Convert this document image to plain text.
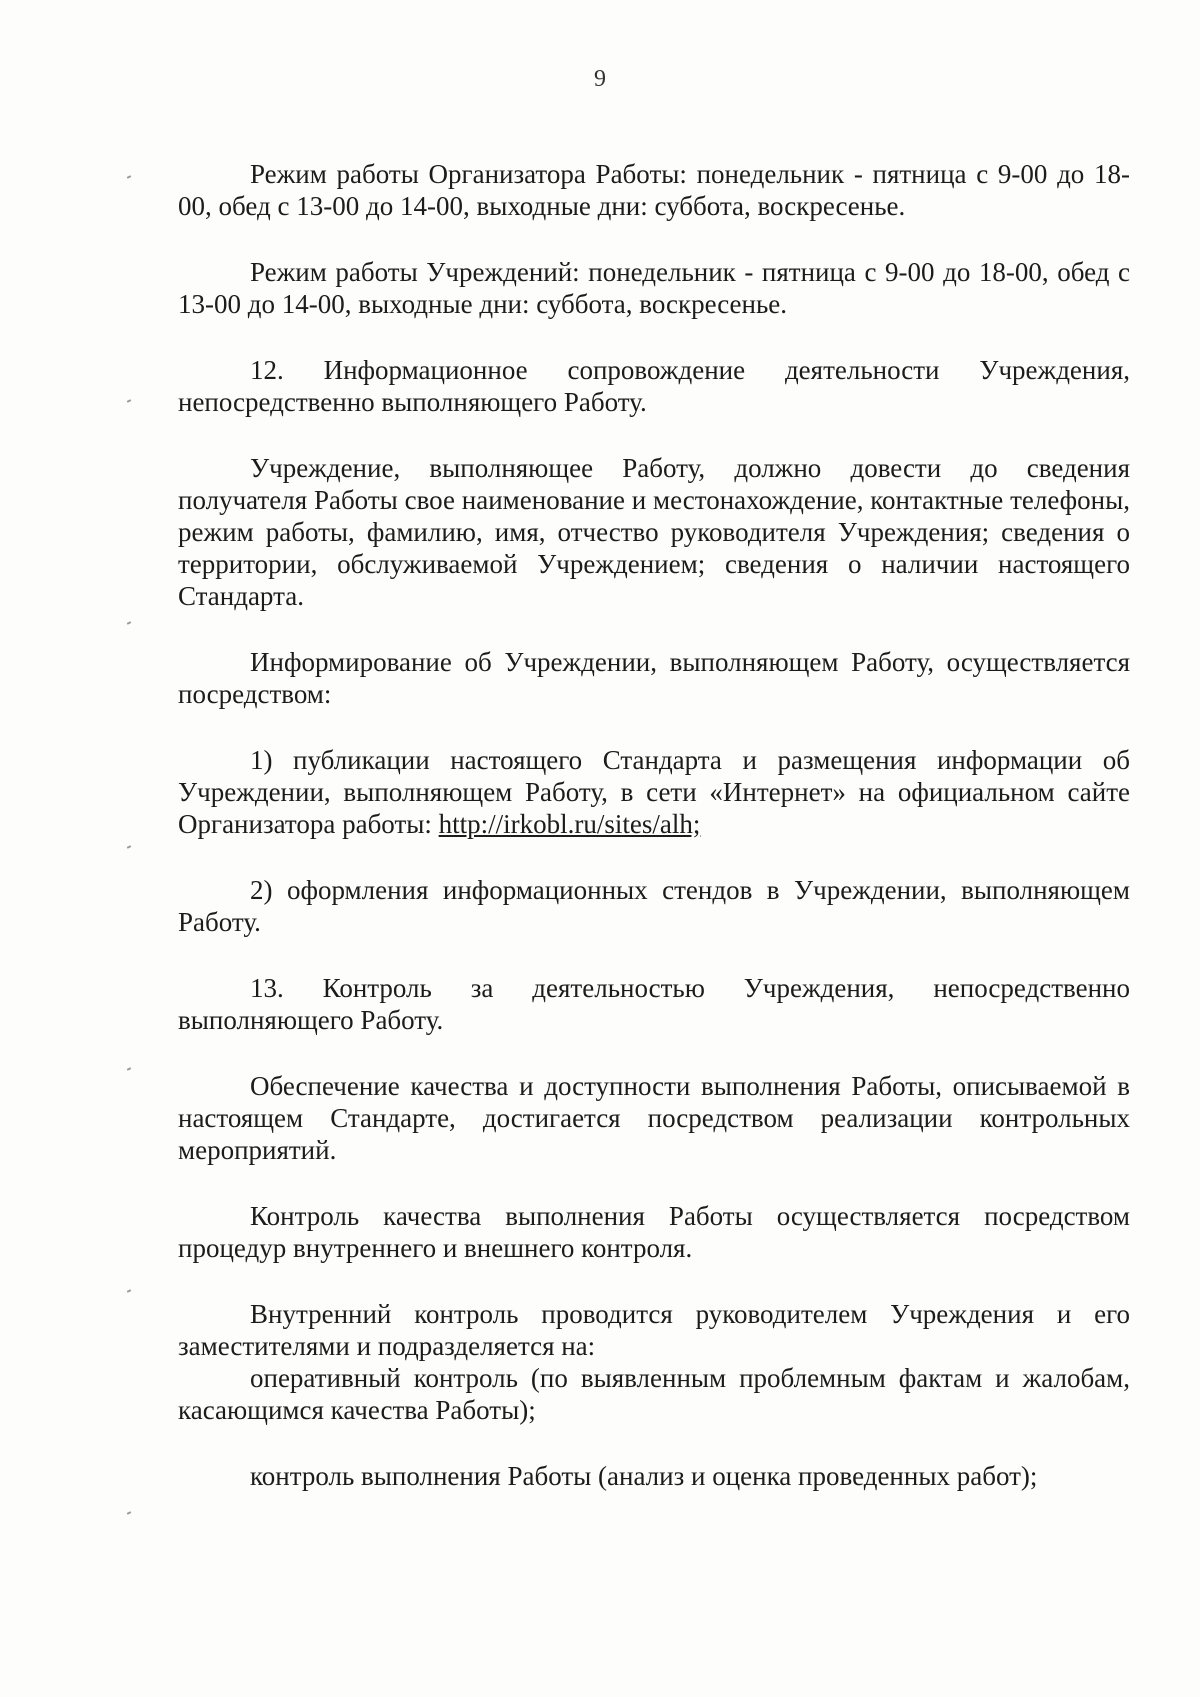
9

Режим работы Организатора Работы: понедельник - пятница с 9-00 до 18-00, обед с 13-00 до 14-00, выходные дни: суббота, воскресенье.

Режим работы Учреждений: понедельник - пятница с 9-00 до 18-00, обед с 13-00 до 14-00, выходные дни: суббота, воскресенье.

12. Информационное сопровождение деятельности Учреждения, непосредственно выполняющего Работу.

Учреждение, выполняющее Работу, должно довести до сведения получателя Работы свое наименование и местонахождение, контактные телефоны, режим работы, фамилию, имя, отчество руководителя Учреждения; сведения о территории, обслуживаемой Учреждением; сведения о наличии настоящего Стандарта.

Информирование об Учреждении, выполняющем Работу, осуществляется посредством:

1) публикации настоящего Стандарта и размещения информации об Учреждении, выполняющем Работу, в сети «Интернет» на официальном сайте Организатора работы: http://irkobl.ru/sites/alh;

2) оформления информационных стендов в Учреждении, выполняющем Работу.

13. Контроль за деятельностью Учреждения, непосредственно выполняющего Работу.

Обеспечение качества и доступности выполнения Работы, описываемой в настоящем Стандарте, достигается посредством реализации контрольных мероприятий.

Контроль качества выполнения Работы осуществляется посредством процедур внутреннего и внешнего контроля.

Внутренний контроль проводится руководителем Учреждения и его заместителями и подразделяется на:

оперативный контроль (по выявленным проблемным фактам и жалобам, касающимся качества Работы);

контроль выполнения Работы (анализ и оценка проведенных работ);
